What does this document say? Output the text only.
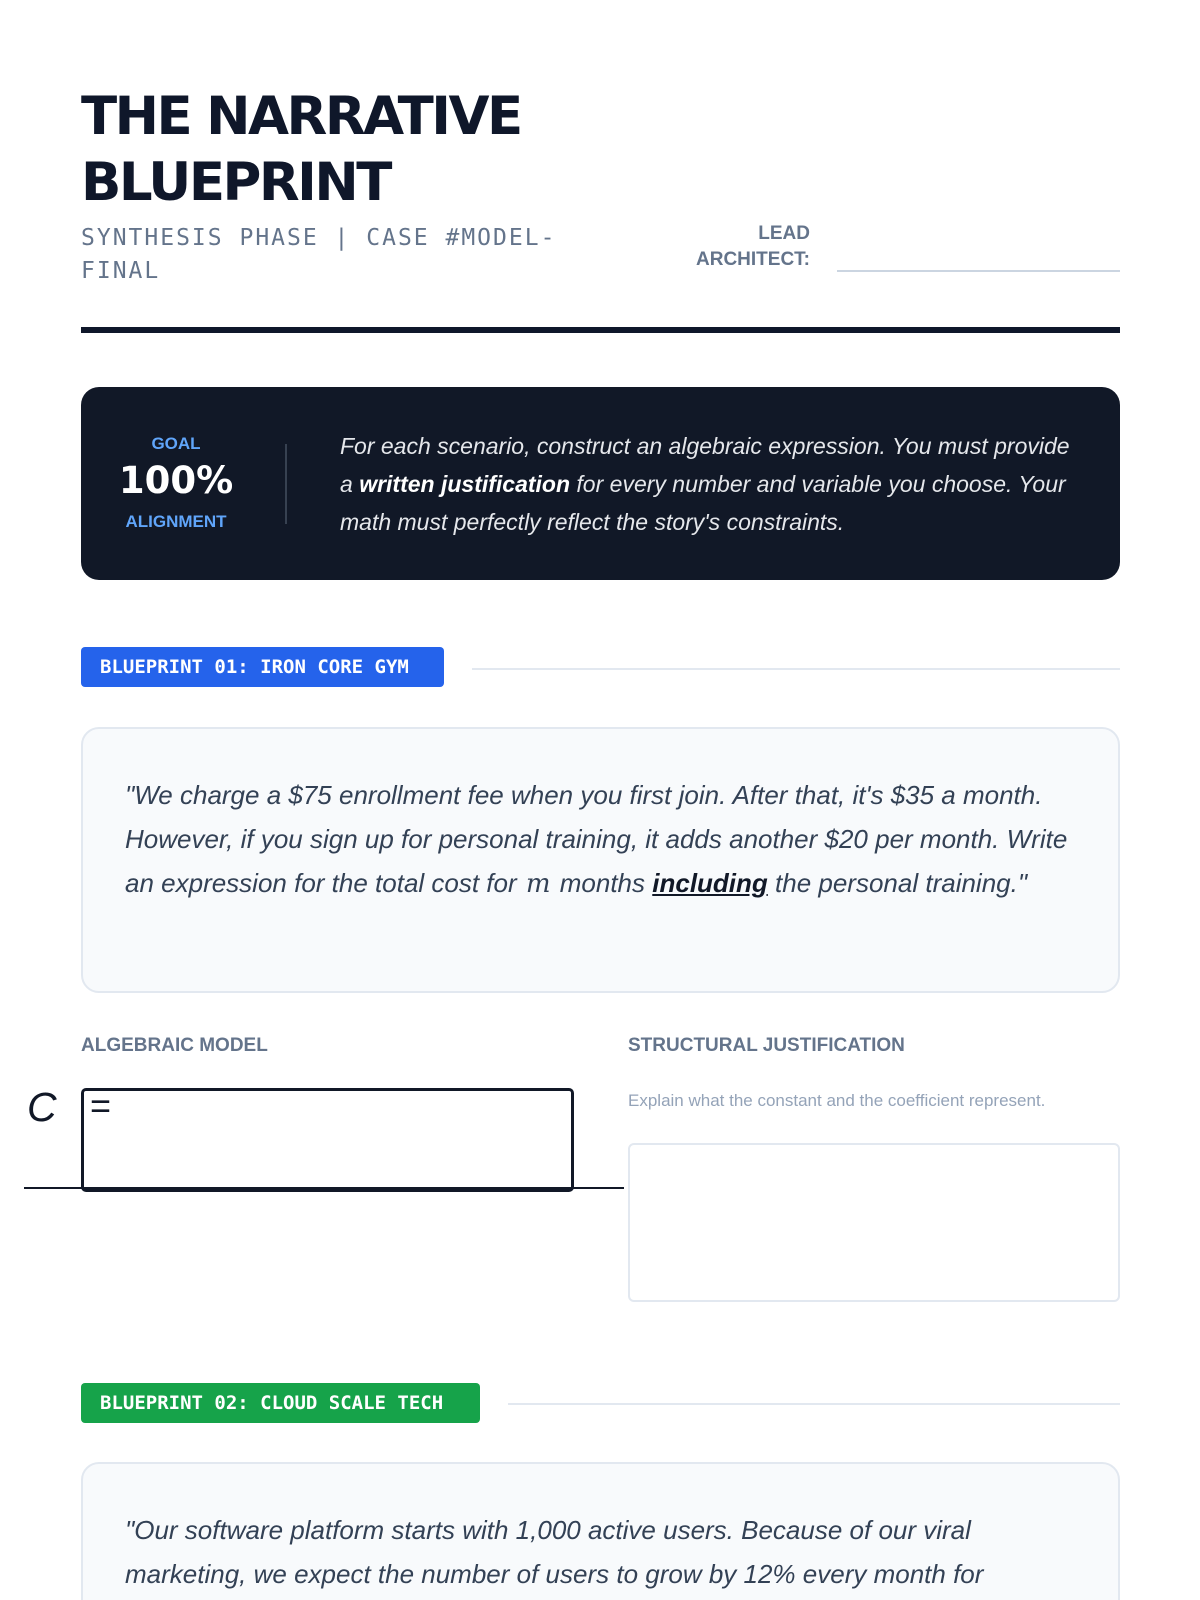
THE NARRATIVE BLUEPRINT
SYNTHESIS PHASE | CASE #MODEL-FINAL
LEAD ARCHITECT:
GOAL
100%
ALIGNMENT

For each scenario, construct an algebraic expression. You must provide a written justification for every number and variable you choose. Your math must perfectly reflect the story's constraints.

BLUEPRINT 01: IRON CORE GYM

"We charge a $75 enrollment fee when you first join. After that, it's $35 a month. However, if you sign up for personal training, it adds another $20 per month. Write an expression for the total cost for m months including the personal training."

ALGEBRAIC MODEL	STRUCTURAL JUSTIFICATION
C =	Explain what the constant and the coefficient represent.
BLUEPRINT 02: CLOUD SCALE TECH

"Our software platform starts with 1,000 active users. Because of our viral marketing, we expect the number of users to grow by 12% every month for
